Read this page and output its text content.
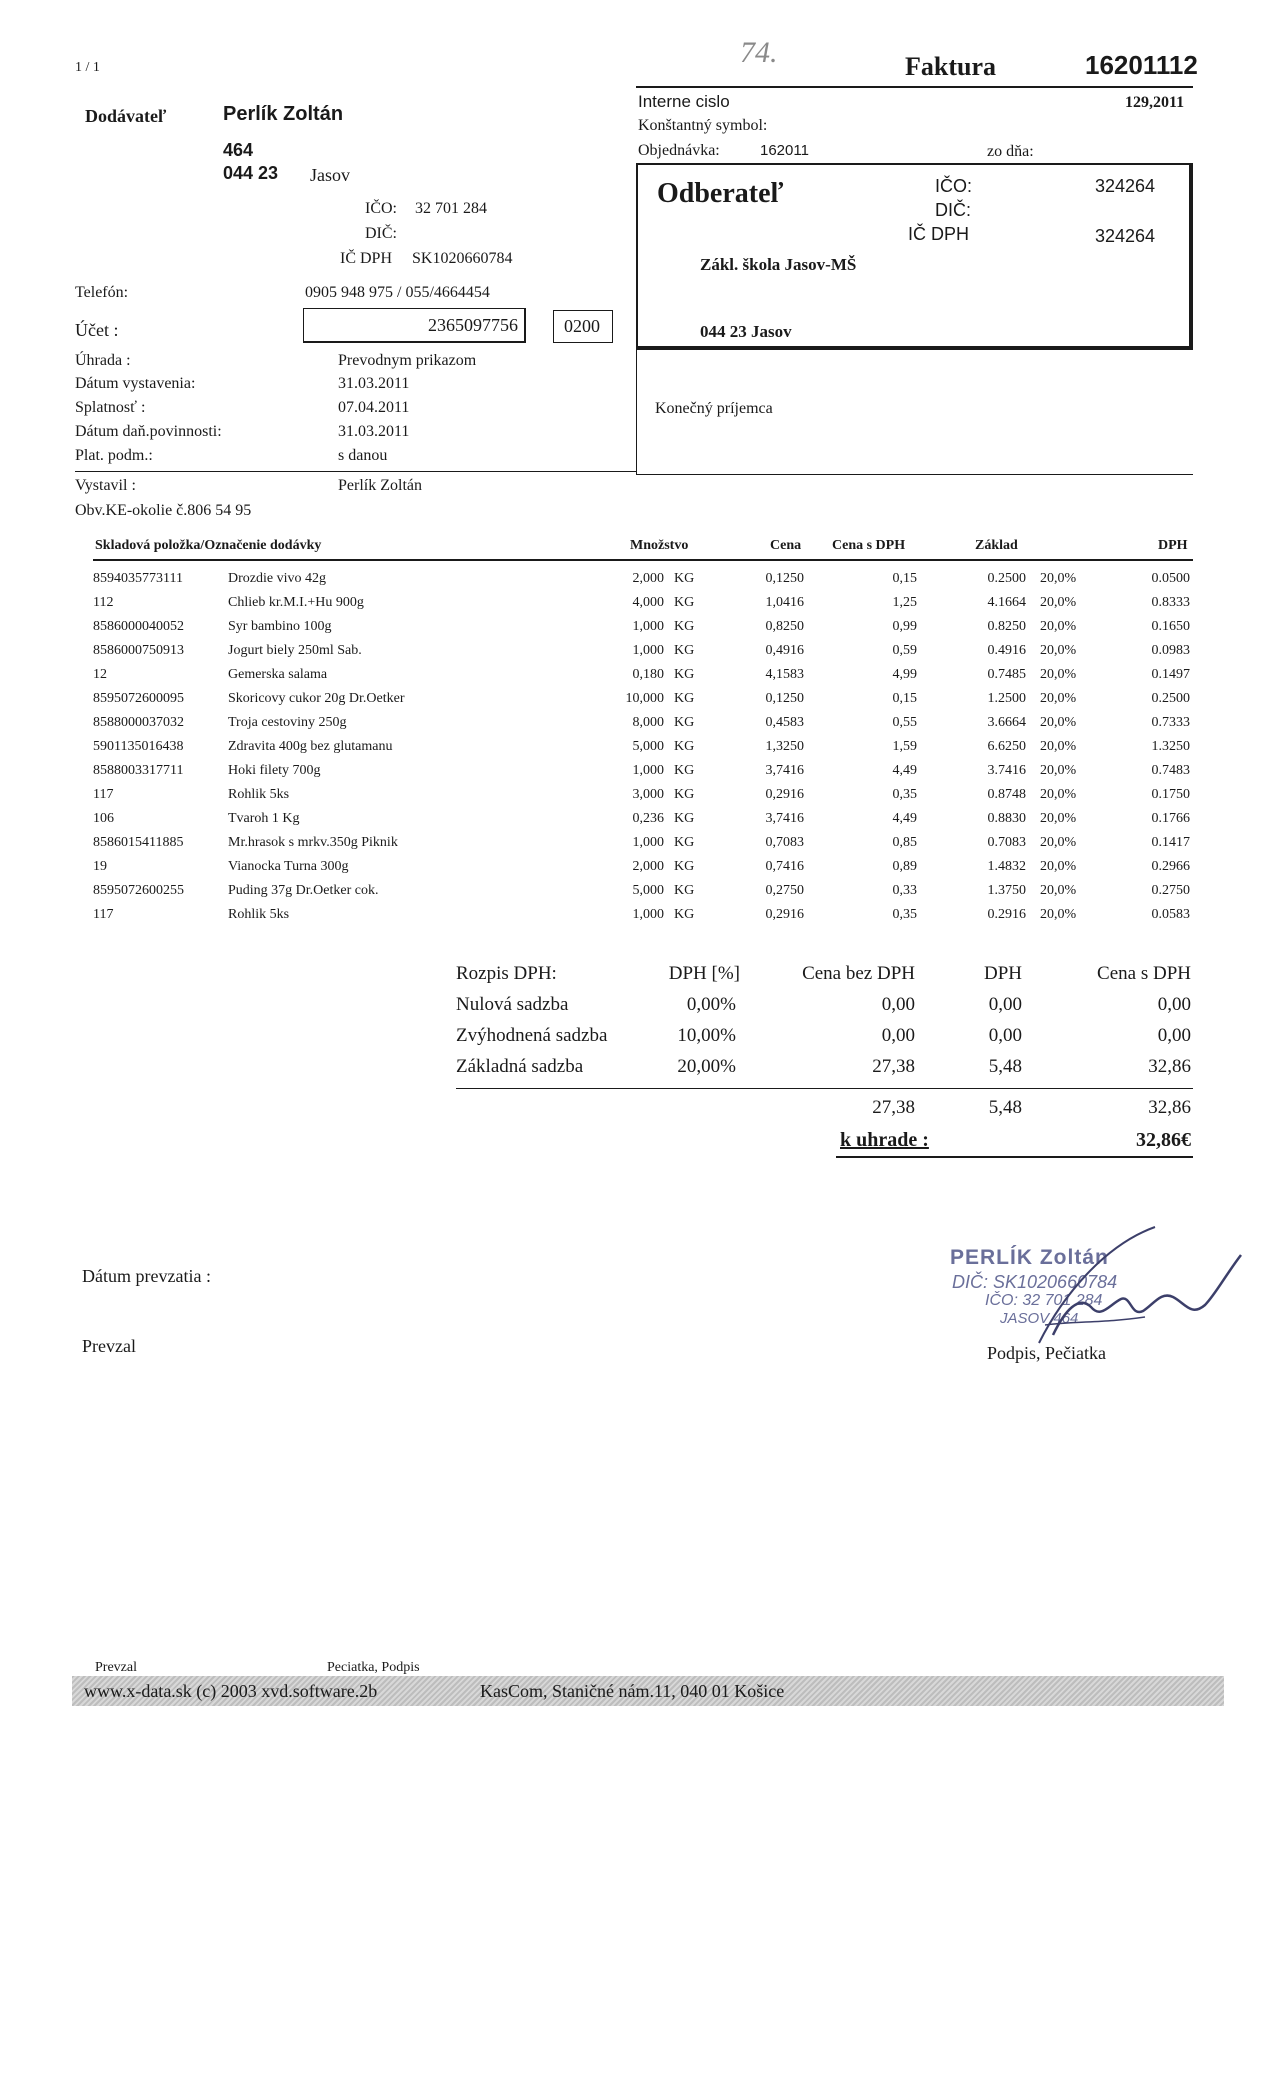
1 / 1	74.	Faktura	16201112
Dodávateľ	Perlík Zoltán
464
044 23 Jasov
IČO: 32 701 284
DIČ:
IČ DPH SK1020660784
Telefón:	0905 948 975 / 055/4664454
Účet :	2365097756	0200
Úhrada :	Prevodnym prikazom
Dátum vystavenia:	31.03.2011
Splatnosť :	07.04.2011
Dátum daň.povinnosti:	31.03.2011
Plat. podm.:	s danou
Vystavil :	Perlík Zoltán
Obv.KE-okolie č.806 54 95
Interne cislo	129,2011
Konštantný symbol:
Objednávka:	162011	zo dňa:
Odberateľ	IČO:	324264
DIČ:
IČ DPH	324264
Zákl. škola Jasov-MŠ
044 23 Jasov
Konečný príjemca
Skladová položka/Označenie dodávky	Množstvo	Cena Cena s DPH	Základ	DPH
8594035773111	Drozdie vivo 42g	2,000 KG	0,1250	0,15	0.2500 20,0%	0.0500
112	Chlieb kr.M.I.+Hu 900g	4,000 KG	1,0416	1,25	4.1664 20,0%	0.8333
8586000040052	Syr bambino 100g	1,000 KG	0,8250	0,99	0.8250 20,0%	0.1650
8586000750913	Jogurt biely 250ml Sab.	1,000 KG	0,4916	0,59	0.4916 20,0%	0.0983
12	Gemerska salama	0,180 KG	4,1583	4,99	0.7485 20,0%	0.1497
8595072600095	Skoricovy cukor 20g Dr.Oetker	10,000 KG	0,1250	0,15	1.2500 20,0%	0.2500
8588000037032	Troja cestoviny 250g	8,000 KG	0,4583	0,55	3.6664 20,0%	0.7333
5901135016438	Zdravita 400g bez glutamanu	5,000 KG	1,3250	1,59	6.6250 20,0%	1.3250
8588003317711	Hoki filety 700g	1,000 KG	3,7416	4,49	3.7416 20,0%	0.7483
117	Rohlik 5ks	3,000 KG	0,2916	0,35	0.8748 20,0%	0.1750
106	Tvaroh 1 Kg	0,236 KG	3,7416	4,49	0.8830 20,0%	0.1766
8586015411885	Mr.hrasok s mrkv.350g Piknik	1,000 KG	0,7083	0,85	0.7083 20,0%	0.1417
19	Vianocka Turna 300g	2,000 KG	0,7416	0,89	1.4832 20,0%	0.2966
8595072600255	Puding 37g Dr.Oetker cok.	5,000 KG	0,2750	0,33	1.3750 20,0%	0.2750
117	Rohlik 5ks	1,000 KG	0,2916	0,35	0.2916 20,0%	0.0583
Rozpis DPH:	DPH [%]	Cena bez DPH	DPH	Cena s DPH
Nulová sadzba	0,00%	0,00	0,00	0,00
Zvýhodnená sadzba	10,00%	0,00	0,00	0,00
Základná sadzba	20,00%	27,38	5,48	32,86
27,38	5,48	32,86
k uhrade :	32,86€
Dátum prevzatia :
Prevzal
PERLÍK Zoltán
DIČ: SK1020660784
IČO: 32 701 284
JASOV 464
Podpis, Pečiatka
Prevzal	Peciatka, Podpis
www.x-data.sk (c) 2003 xvd.software.2b	KasCom, Staničné nám.11, 040 01 Košice
